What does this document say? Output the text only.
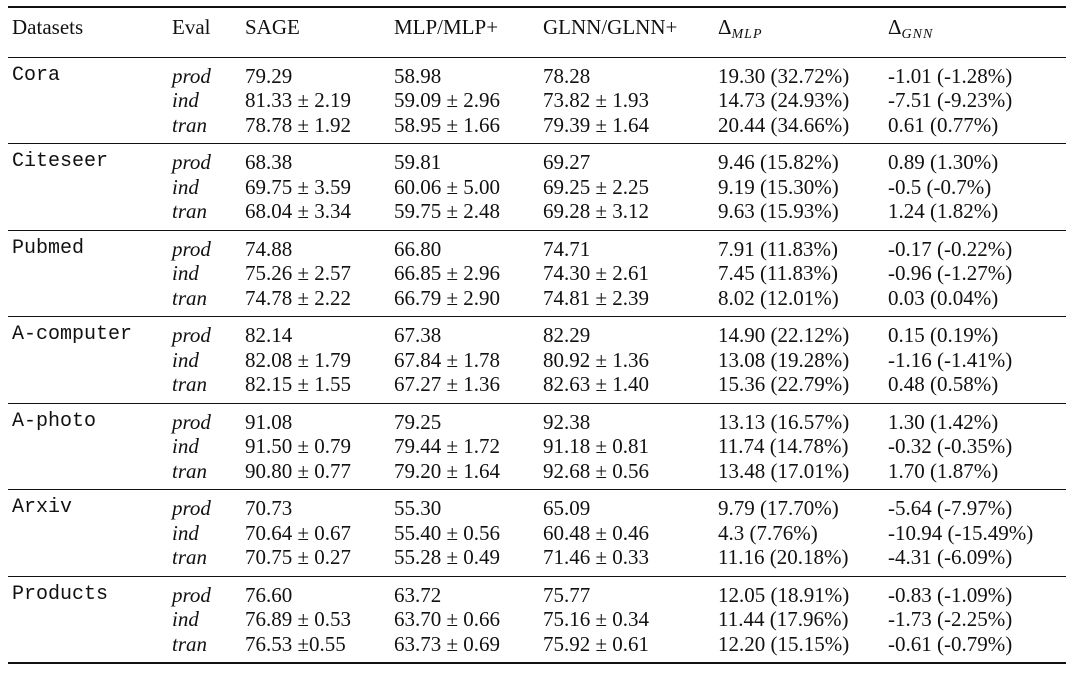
Datasets	Eval	SAGE	MLP/MLP+	GLNN/GLNN+	$\Delta_{MLP}$	$\Delta_{GNN}$
Cora	prod	79.29	58.98	78.28	19.30 (32.72%)	-1.01 (-1.28%)
	ind	81.33 ± 2.19	59.09 ± 2.96	73.82 ± 1.93	14.73 (24.93%)	-7.51 (-9.23%)
	tran	78.78 ± 1.92	58.95 ± 1.66	79.39 ± 1.64	20.44 (34.66%)	0.61 (0.77%)
Citeseer	prod	68.38	59.81	69.27	9.46 (15.82%)	0.89 (1.30%)
	ind	69.75 ± 3.59	60.06 ± 5.00	69.25 ± 2.25	9.19 (15.30%)	-0.5 (-0.7%)
	tran	68.04 ± 3.34	59.75 ± 2.48	69.28 ± 3.12	9.63 (15.93%)	1.24 (1.82%)
Pubmed	prod	74.88	66.80	74.71	7.91 (11.83%)	-0.17 (-0.22%)
	ind	75.26 ± 2.57	66.85 ± 2.96	74.30 ± 2.61	7.45 (11.83%)	-0.96 (-1.27%)
	tran	74.78 ± 2.22	66.79 ± 2.90	74.81 ± 2.39	8.02 (12.01%)	0.03 (0.04%)
A-computer	prod	82.14	67.38	82.29	14.90 (22.12%)	0.15 (0.19%)
	ind	82.08 ± 1.79	67.84 ± 1.78	80.92 ± 1.36	13.08 (19.28%)	-1.16 (-1.41%)
	tran	82.15 ± 1.55	67.27 ± 1.36	82.63 ± 1.40	15.36 (22.79%)	0.48 (0.58%)
A-photo	prod	91.08	79.25	92.38	13.13 (16.57%)	1.30 (1.42%)
	ind	91.50 ± 0.79	79.44 ± 1.72	91.18 ± 0.81	11.74 (14.78%)	-0.32 (-0.35%)
	tran	90.80 ± 0.77	79.20 ± 1.64	92.68 ± 0.56	13.48 (17.01%)	1.70 (1.87%)
Arxiv	prod	70.73	55.30	65.09	9.79 (17.70%)	-5.64 (-7.97%)
	ind	70.64 ± 0.67	55.40 ± 0.56	60.48 ± 0.46	4.3 (7.76%)	-10.94 (-15.49%)
	tran	70.75 ± 0.27	55.28 ± 0.49	71.46 ± 0.33	11.16 (20.18%)	-4.31 (-6.09%)
Products	prod	76.60	63.72	75.77	12.05 (18.91%)	-0.83 (-1.09%)
	ind	76.89 ± 0.53	63.70 ± 0.66	75.16 ± 0.34	11.44 (17.96%)	-1.73 (-2.25%)
	tran	76.53 ±0.55	63.73 ± 0.69	75.92 ± 0.61	12.20 (15.15%)	-0.61 (-0.79%)
